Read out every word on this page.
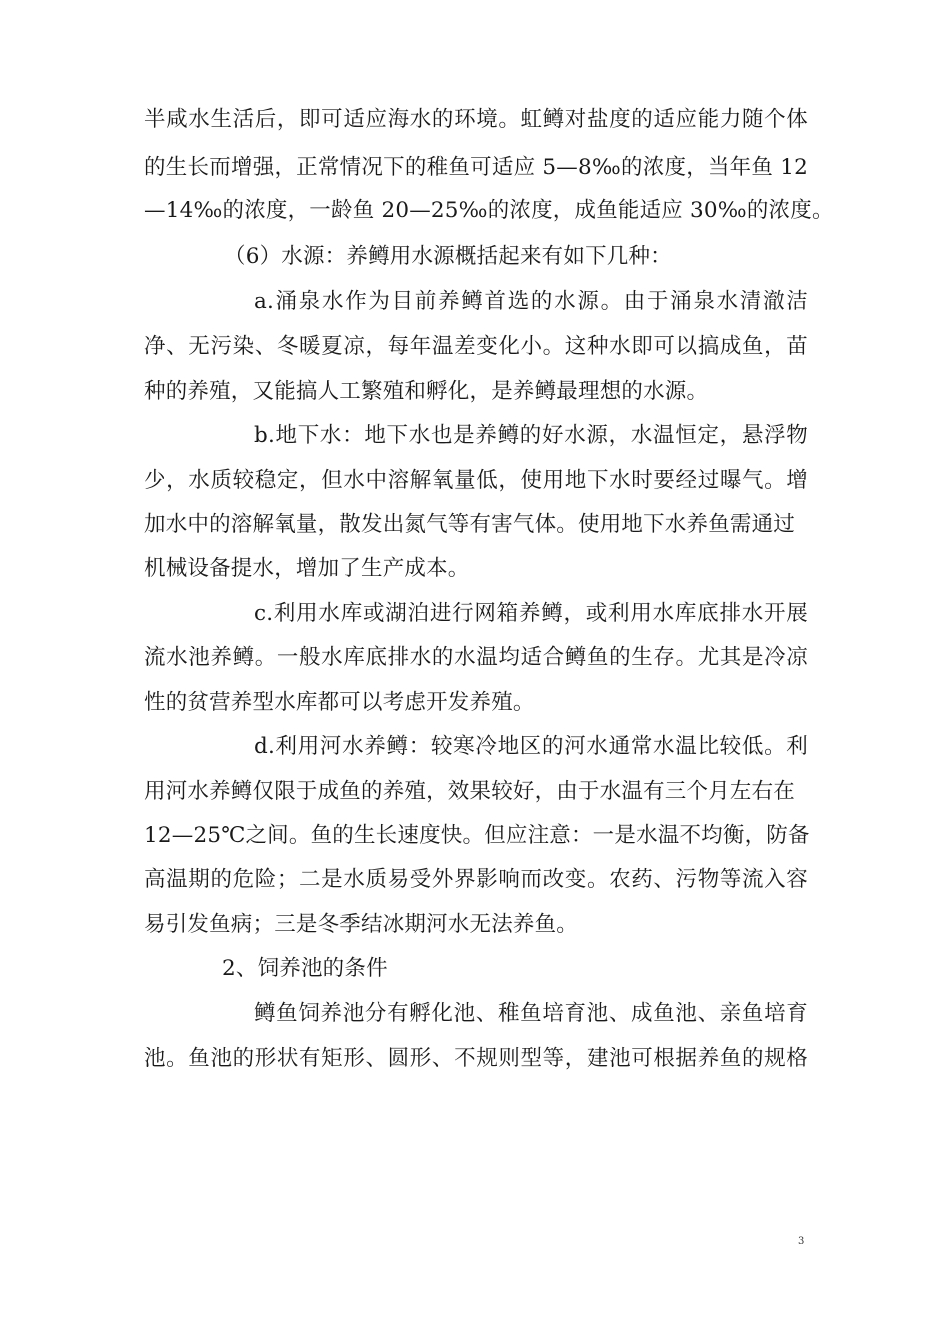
半咸水生活后，即可适应海水的环境。虹鳟对盐度的适应能力随个体
的生长而增强，正常情况下的稚鱼可适应 5—8‰的浓度，当年鱼 12
—14‰的浓度，一龄鱼 20—25‰的浓度，成鱼能适应 30‰的浓度。
（6）水源：养鳟用水源概括起来有如下几种：
a.涌泉水作为目前养鳟首选的水源。由于涌泉水清澈洁
净、无污染、冬暖夏凉，每年温差变化小。这种水即可以搞成鱼，苗
种的养殖，又能搞人工繁殖和孵化，是养鳟最理想的水源。
b.地下水：地下水也是养鳟的好水源，水温恒定，悬浮物
少，水质较稳定，但水中溶解氧量低，使用地下水时要经过曝气。增
加水中的溶解氧量，散发出氮气等有害气体。使用地下水养鱼需通过
机械设备提水，增加了生产成本。
c.利用水库或湖泊进行网箱养鳟，或利用水库底排水开展
流水池养鳟。一般水库底排水的水温均适合鳟鱼的生存。尤其是冷凉
性的贫营养型水库都可以考虑开发养殖。
d.利用河水养鳟：较寒冷地区的河水通常水温比较低。利
用河水养鳟仅限于成鱼的养殖，效果较好，由于水温有三个月左右在
12—25℃之间。鱼的生长速度快。但应注意：一是水温不均衡，防备
高温期的危险；二是水质易受外界影响而改变。农药、污物等流入容
易引发鱼病；三是冬季结冰期河水无法养鱼。
2、饲养池的条件
鳟鱼饲养池分有孵化池、稚鱼培育池、成鱼池、亲鱼培育
池。鱼池的形状有矩形、圆形、不规则型等，建池可根据养鱼的规格
3
